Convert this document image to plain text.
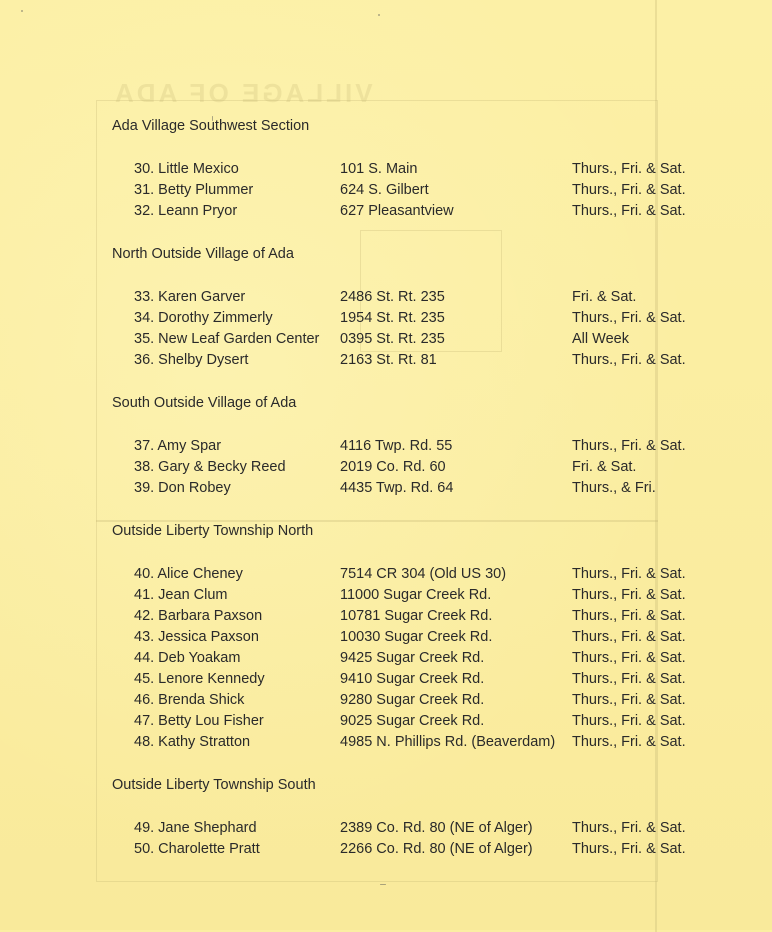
VILLAGE OF ADA
Ada Village Southwest Section
30. Little Mexico	101 S. Main	Thurs., Fri. & Sat.
31. Betty Plummer	624 S. Gilbert	Thurs., Fri. & Sat.
32. Leann Pryor	627 Pleasantview	Thurs., Fri. & Sat.
North Outside Village of Ada
33. Karen Garver	2486 St. Rt. 235	Fri. & Sat.
34. Dorothy Zimmerly	1954 St. Rt. 235	Thurs., Fri. & Sat.
35. New Leaf Garden Center	0395 St. Rt. 235	All Week
36. Shelby Dysert	2163 St. Rt. 81	Thurs., Fri. & Sat.
South Outside Village of Ada
37. Amy Spar	4116 Twp. Rd. 55	Thurs., Fri. & Sat.
38. Gary & Becky Reed	2019 Co. Rd. 60	Fri. & Sat.
39. Don Robey	4435 Twp. Rd. 64	Thurs., & Fri.
Outside Liberty Township North
40. Alice Cheney	7514 CR 304 (Old US 30)	Thurs., Fri. & Sat.
41. Jean Clum	11000 Sugar Creek Rd.	Thurs., Fri. & Sat.
42. Barbara Paxson	10781 Sugar Creek Rd.	Thurs., Fri. & Sat.
43. Jessica Paxson	10030 Sugar Creek Rd.	Thurs., Fri. & Sat.
44. Deb Yoakam	9425 Sugar Creek Rd.	Thurs., Fri. & Sat.
45. Lenore Kennedy	9410 Sugar Creek Rd.	Thurs., Fri. & Sat.
46. Brenda Shick	9280 Sugar Creek Rd.	Thurs., Fri. & Sat.
47. Betty Lou Fisher	9025 Sugar Creek Rd.	Thurs., Fri. & Sat.
48. Kathy Stratton	4985 N. Phillips Rd. (Beaverdam)	Thurs., Fri. & Sat.
Outside Liberty Township South
49. Jane Shephard	2389 Co. Rd. 80 (NE of Alger)	Thurs., Fri. & Sat.
50. Charolette Pratt	2266 Co. Rd. 80 (NE of Alger)	Thurs., Fri. & Sat.
